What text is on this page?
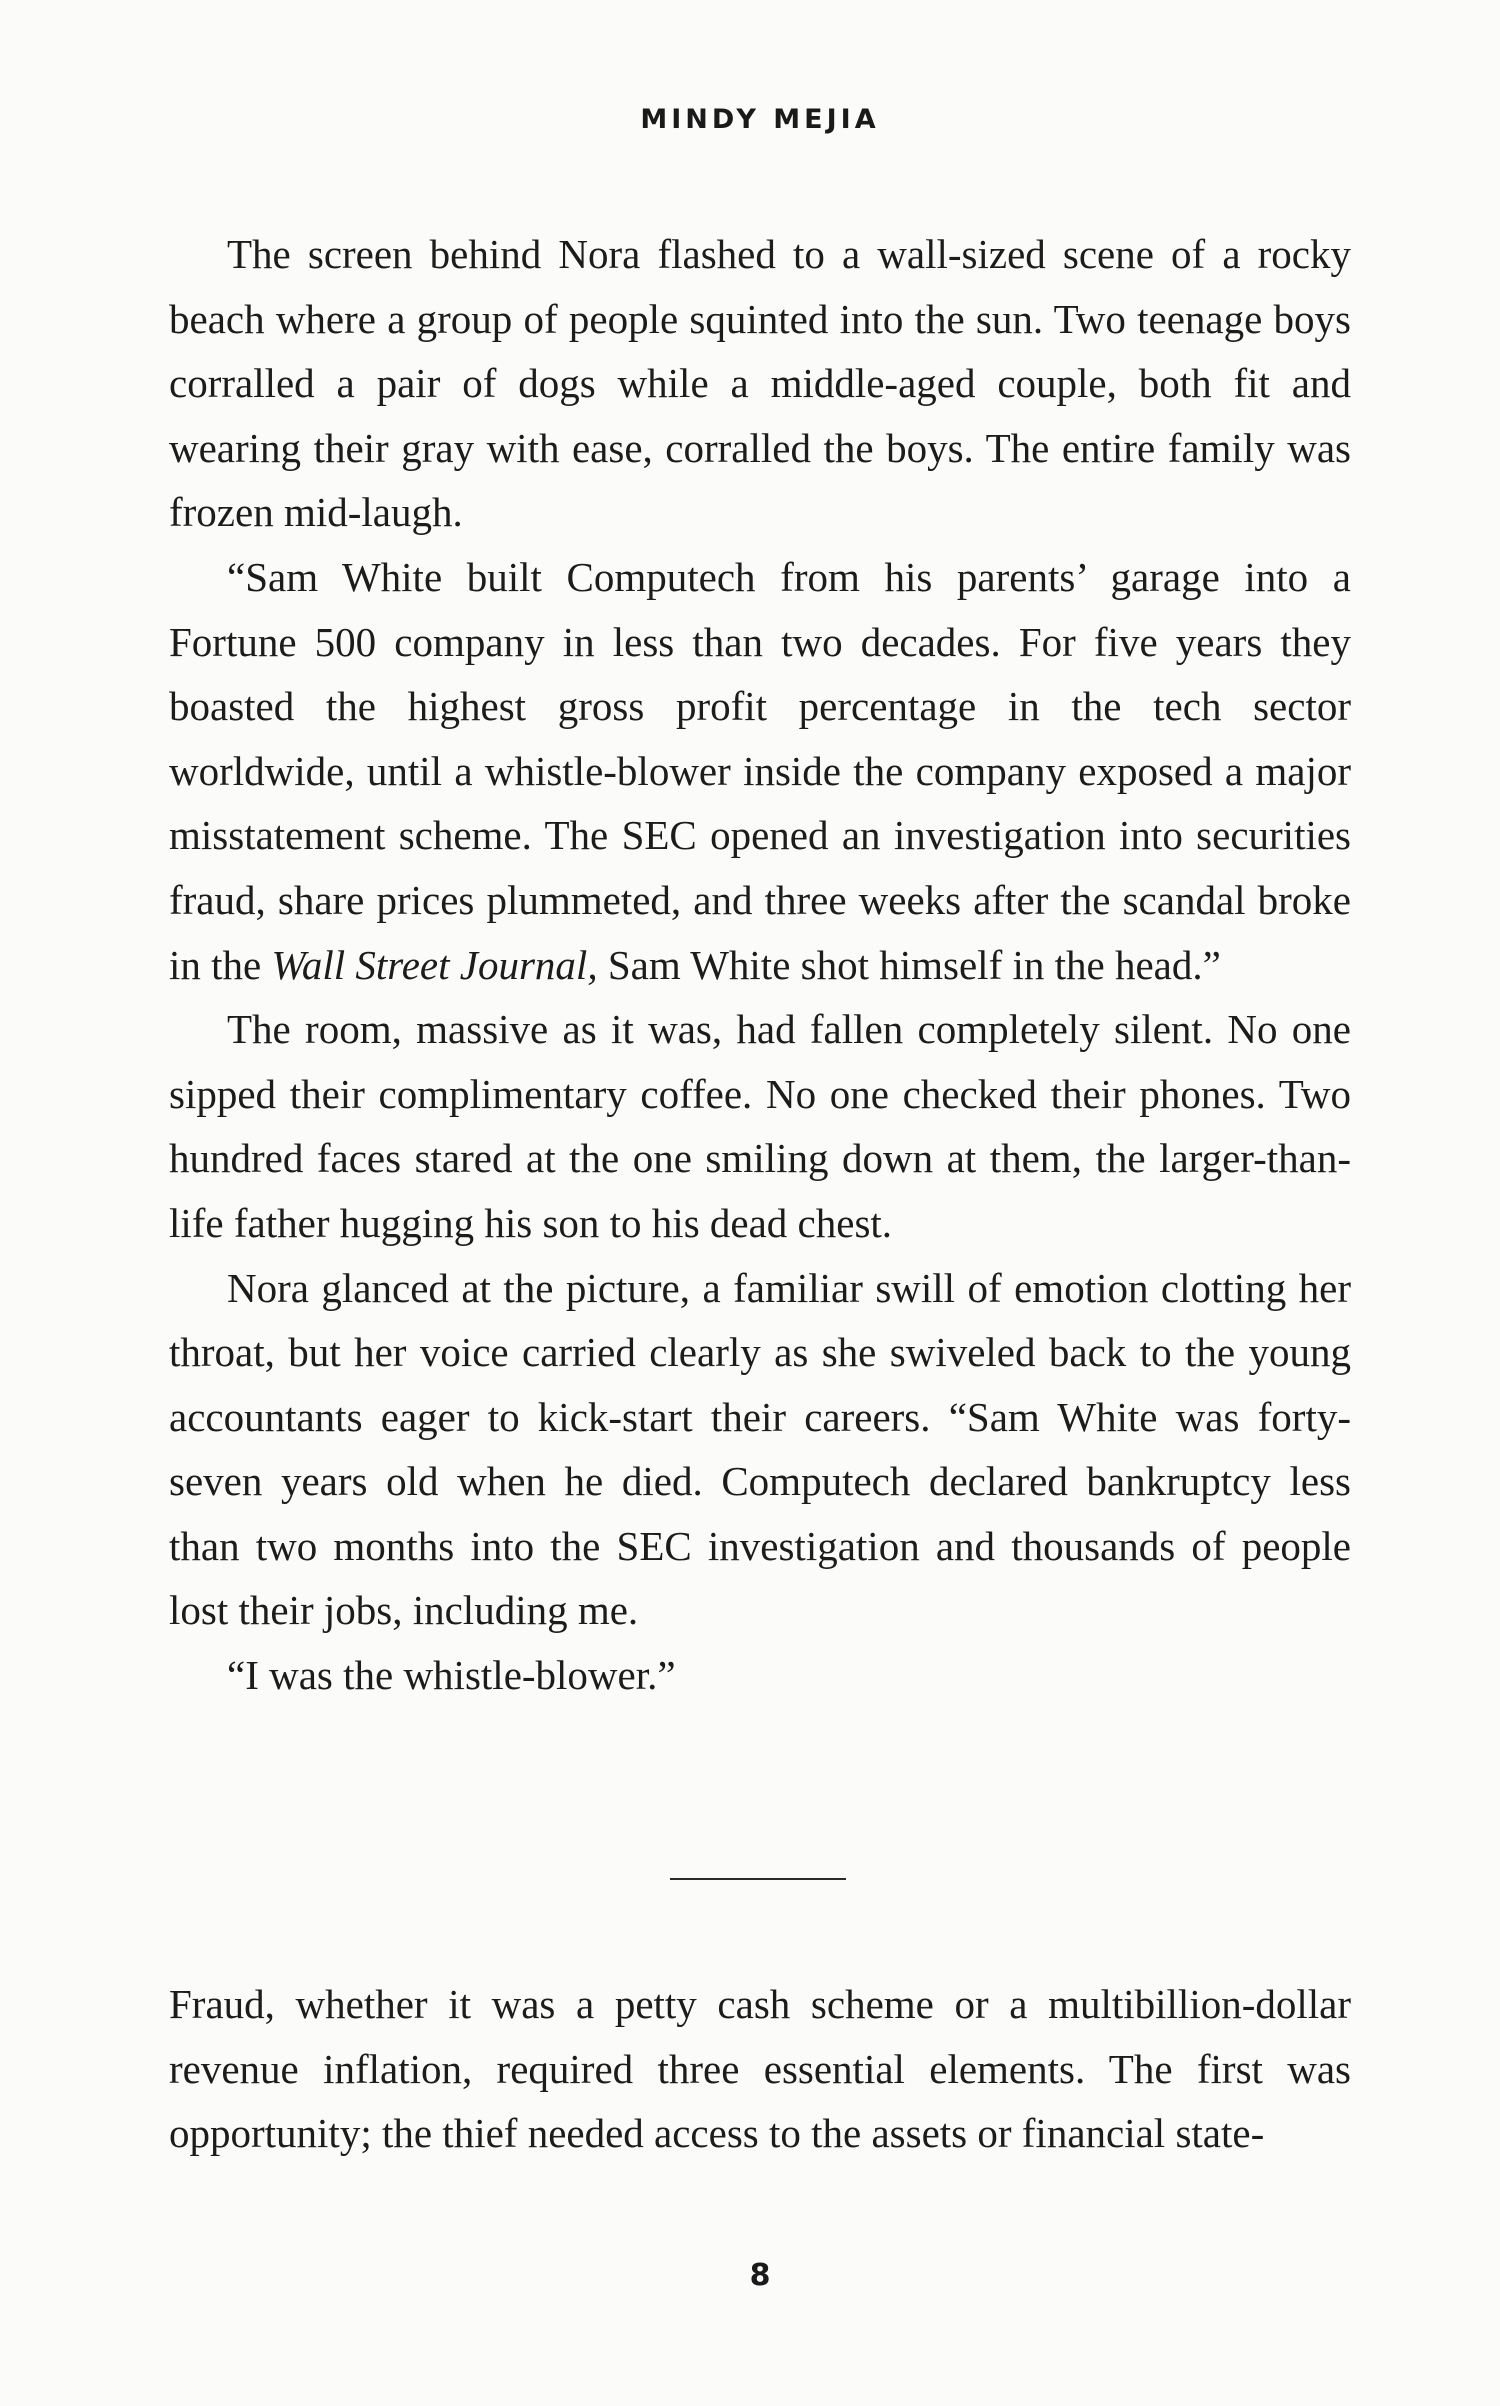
MINDY MEJIA

The screen behind Nora flashed to a wall-sized scene of a rocky beach where a group of people squinted into the sun. Two teenage boys corralled a pair of dogs while a middle-aged couple, both fit and wearing their gray with ease, corralled the boys. The entire family was frozen mid-laugh.

“Sam White built Computech from his parents’ garage into a Fortune 500 company in less than two decades. For five years they boasted the highest gross profit percentage in the tech sector worldwide, until a whistle-blower inside the company exposed a major misstatement scheme. The SEC opened an investigation into securities fraud, share prices plummeted, and three weeks after the scandal broke in the Wall Street Journal, Sam White shot himself in the head.”

The room, massive as it was, had fallen completely silent. No one sipped their complimentary coffee. No one checked their phones. Two hundred faces stared at the one smiling down at them, the larger-than-life father hugging his son to his dead chest.

Nora glanced at the picture, a familiar swill of emotion clotting her throat, but her voice carried clearly as she swiveled back to the young accountants eager to kick-start their careers. “Sam White was forty-seven years old when he died. Computech declared bankruptcy less than two months into the SEC investigation and thousands of people lost their jobs, including me.

“I was the whistle-blower.”

Fraud, whether it was a petty cash scheme or a multibillion-dollar revenue inflation, required three essential elements. The first was opportunity; the thief needed access to the assets or financial state-

8
